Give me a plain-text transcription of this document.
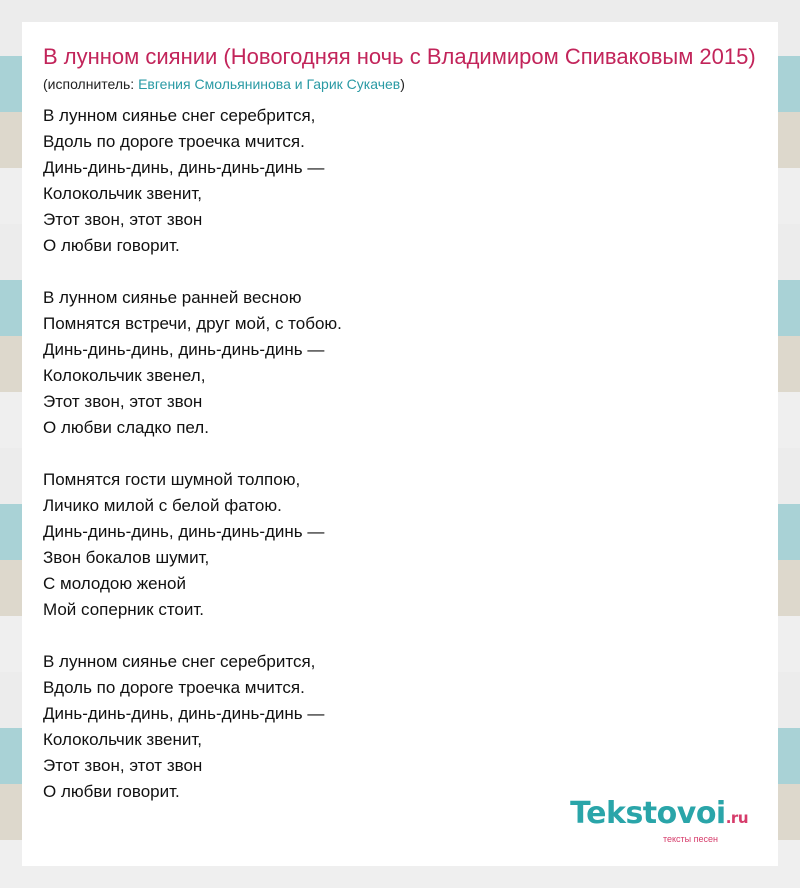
В лунном сиянии (Новогодняя ночь с Владимиром Спиваковым 2015)
(исполнитель: Евгения Смольянинова и Гарик Сукачев)
В лунном сиянье снег серебрится,
Вдоль по дороге троечка мчится.
Динь-динь-динь, динь-динь-динь —
Колокольчик звенит,
Этот звон, этот звон
О любви говорит.
В лунном сиянье ранней весною
Помнятся встречи, друг мой, с тобою.
Динь-динь-динь, динь-динь-динь —
Колокольчик звенел,
Этот звон, этот звон
О любви сладко пел.
Помнятся гости шумной толпою,
Личико милой с белой фатою.
Динь-динь-динь, динь-динь-динь —
Звон бокалов шумит,
С молодою женой
Мой соперник стоит.
В лунном сиянье снег серебрится,
Вдоль по дороге троечка мчится.
Динь-динь-динь, динь-динь-динь —
Колокольчик звенит,
Этот звон, этот звон
О любви говорит.
Tekstovoi.ru
тексты песен
